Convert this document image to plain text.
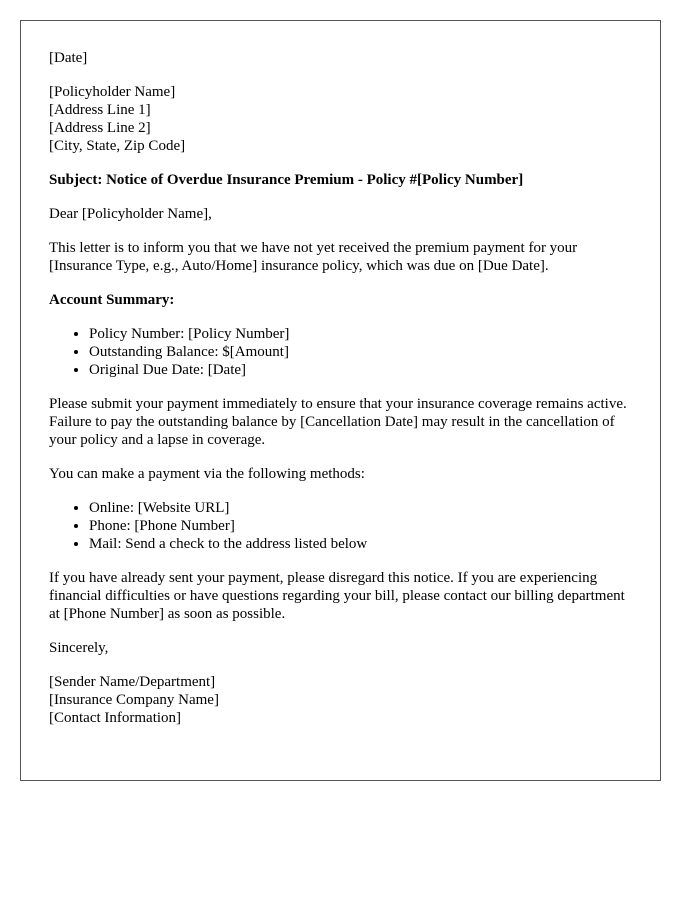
[Date]

[Policyholder Name]
[Address Line 1]
[Address Line 2]
[City, State, Zip Code]

Subject: Notice of Overdue Insurance Premium - Policy #[Policy Number]

Dear [Policyholder Name],

This letter is to inform you that we have not yet received the premium payment for your [Insurance Type, e.g., Auto/Home] insurance policy, which was due on [Due Date].

Account Summary:

• Policy Number: [Policy Number]
• Outstanding Balance: $[Amount]
• Original Due Date: [Date]

Please submit your payment immediately to ensure that your insurance coverage remains active. Failure to pay the outstanding balance by [Cancellation Date] may result in the cancellation of your policy and a lapse in coverage.

You can make a payment via the following methods:

• Online: [Website URL]
• Phone: [Phone Number]
• Mail: Send a check to the address listed below

If you have already sent your payment, please disregard this notice. If you are experiencing financial difficulties or have questions regarding your bill, please contact our billing department at [Phone Number] as soon as possible.

Sincerely,

[Sender Name/Department]
[Insurance Company Name]
[Contact Information]
